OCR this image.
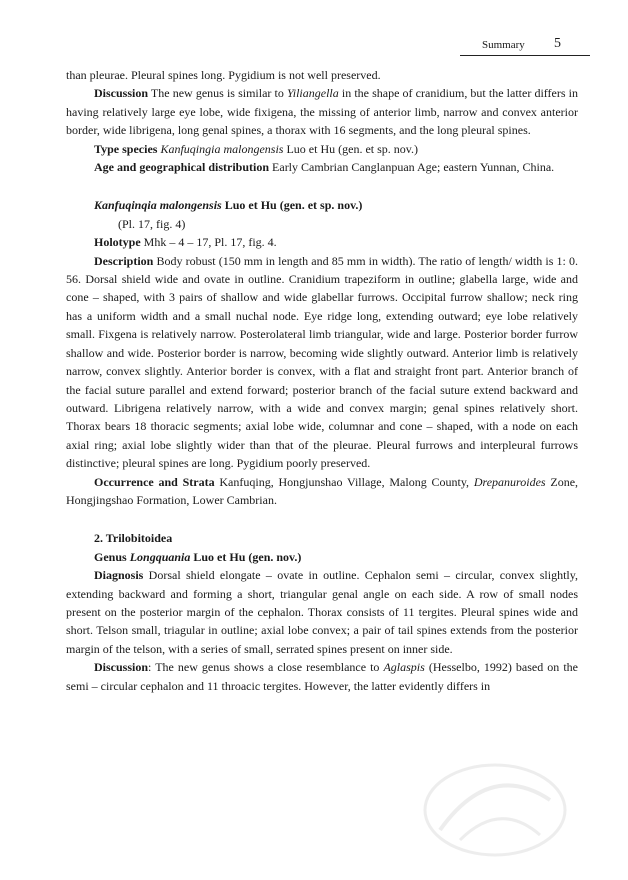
Summary 5

than pleurae. Pleural spines long. Pygidium is not well preserved.

Discussion The new genus is similar to Yiliangella in the shape of cranidium, but the latter differs in having relatively large eye lobe, wide fixigena, the missing of anterior limb, narrow and convex anterior border, wide librigena, long genal spines, a thorax with 16 segments, and the long pleural spines.

Type species Kanfuqingia malongensis Luo et Hu (gen. et sp. nov.)

Age and geographical distribution Early Cambrian Canglanpuan Age; eastern Yunnan, China.

Kanfuqinqia malongensis Luo et Hu (gen. et sp. nov.)

(Pl. 17, fig. 4)

Holotype Mhk – 4 – 17, Pl. 17, fig. 4.

Description Body robust (150 mm in length and 85 mm in width). The ratio of length/ width is 1: 0. 56. Dorsal shield wide and ovate in outline. Cranidium trapeziform in outline; glabella large, wide and cone – shaped, with 3 pairs of shallow and wide glabellar furrows. Occipital furrow shallow; neck ring has a uniform width and a small nuchal node. Eye ridge long, extending outward; eye lobe relatively small. Fixgena is relatively narrow. Posterolateral limb triangular, wide and large. Posterior border furrow shallow and wide. Posterior border is narrow, becoming wide slightly outward. Anterior limb is relatively narrow, convex slightly. Anterior border is convex, with a flat and straight front part. Anterior branch of the facial suture parallel and extend forward; posterior branch of the facial suture extend backward and outward. Librigena relatively narrow, with a wide and convex margin; genal spines relatively short. Thorax bears 18 thoracic segments; axial lobe wide, columnar and cone – shaped, with a node on each axial ring; axial lobe slightly wider than that of the pleurae. Pleural furrows and interpleural furrows distinctive; pleural spines are long. Pygidium poorly preserved.

Occurrence and Strata Kanfuqing, Hongjunshao Village, Malong County, Drepanuroides Zone, Hongjingshao Formation, Lower Cambrian.

2. Trilobitoidea

Genus Longquania Luo et Hu (gen. nov.)

Diagnosis Dorsal shield elongate – ovate in outline. Cephalon semi – circular, convex slightly, extending backward and forming a short, triangular genal angle on each side. A row of small nodes present on the posterior margin of the cephalon. Thorax consists of 11 tergites. Pleural spines wide and short. Telson small, triagular in outline; axial lobe convex; a pair of tail spines extends from the posterior margin of the telson, with a series of small, serrated spines present on inner side.

Discussion: The new genus shows a close resemblance to Aglaspis (Hesselbo, 1992) based on the semi – circular cephalon and 11 throacic tergites. However, the latter evidently differs in
